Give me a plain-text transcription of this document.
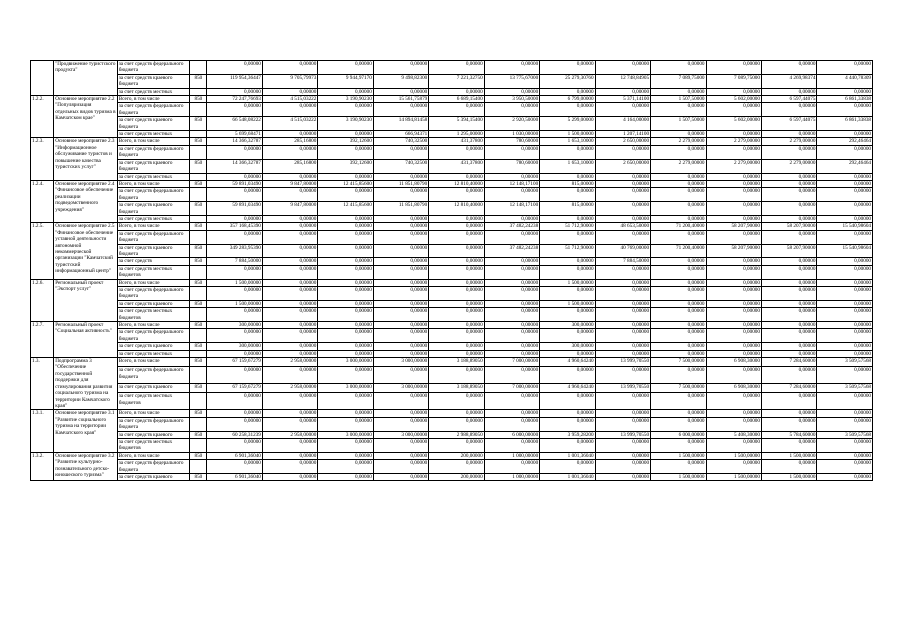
	"Продвижение туристского продукта"	за счет средств федерального бюджета		0,00000	0,00000	0,00000	0,00000	0,00000	0,00000	0,00000	0,00000	0,00000	0,00000	0,00000	0,00000
		за счет средств краевого бюджета	850	119 954,36447	9 705,79973	9 944,97170	9 498,82300	7 221,32750	13 775,67000	25 279,30760	12 748,84905	7 089,75000	7 089,75000	4 269,98374	4 440,78309
		за счет средств местных		0,00000	0,00000	0,00000	0,00000	0,00000	0,00000	0,00000	0,00000	0,00000	0,00000	0,00000	0,00000
1.2.2.	Основное мероприятие 2.2 "Популяризация отдельных видов туризма в Камчатском крае"	Всего, в том числе	850	72 247,76693	4 515,03222	3 190,90230	15 561,75879	6 689,15400	3 950,50000	6 799,00000	5 371,14100	1 507,50000	5 602,00000	6 597,44075	6 861,33838
		за счет средств федерального бюджета		0,00000	0,00000	0,00000	0,00000	0,00000	0,00000	0,00000	0,00000	0,00000	0,00000	0,00000	0,00000
		за счет средств краевого бюджета	850	66 548,08222	4 515,03222	3 190,90230	14 894,81458	5 394,15400	2 920,50000	5 299,00000	4 164,00000	1 507,50000	5 602,00000	6 597,44075	6 861,33838
		за счет средств местных		5 699,68471	0,00000	0,00000	666,94371	1 295,00000	1 030,00000	1 500,00000	1 207,14100	0,00000	0,00000	0,00000	0,00000
1.2.3.	Основное мероприятие 2.3 "Информационное обслуживание туристов и повышение качества туристских услуг"	Всего, в том числе	850	14 366,32787	285,16800	392,12600	740,32500	431,37800	780,60000	1 653,10000	2 650,00000	2 279,00000	2 279,00000	2 279,00000	292,46464
		за счет средств федерального бюджета		0,00000	0,00000	0,00000	0,00000	0,00000	0,00000	0,00000	0,00000	0,00000	0,00000	0,00000	0,00000
		за счет средств краевого бюджета	850	14 366,32787	285,16800	392,12600	740,32500	431,37800	780,60000	1 653,10000	2 650,00000	2 279,00000	2 279,00000	2 279,00000	292,46464
		за счет средств местных		0,00000	0,00000	0,00000	0,00000	0,00000	0,00000	0,00000	0,00000	0,00000	0,00000	0,00000	0,00000
1.2.4.	Основное мероприятие 2.4 "Финансовое обеспечение реализации подведомственного учреждения"	Всего, в том числе	850	59 891,03490	9 847,80000	12 415,85600	11 851,80790	12 810,40000	12 148,17100	815,00000	0,00000	0,00000	0,00000	0,00000	0,00000
		за счет средств федерального бюджета		0,00000	0,00000	0,00000	0,00000	0,00000	0,00000	0,00000	0,00000	0,00000	0,00000	0,00000	0,00000
		за счет средств краевого бюджета	850	59 891,03490	9 847,80000	12 415,85600	11 851,80790	12 810,40000	12 148,17100	815,00000	0,00000	0,00000	0,00000	0,00000	0,00000
		за счет средств местных		0,00000	0,00000	0,00000	0,00000	0,00000	0,00000	0,00000	0,00000	0,00000	0,00000	0,00000	0,00000
1.2.5.	Основное мероприятие 2.5 "Финансовое обеспечение уставной деятельности автономной некоммерческой организации "Камчатский туристский информационный центр"	Всего, в том числе	850	357 168,45390	0,00000	0,00000	0,00000	0,00000	37 482,24238	51 712,90000	48 653,50000	71 200,40000	58 207,90000	58 207,90000	15 540,98604
		за счет средств федерального бюджета		0,00000	0,00000	0,00000	0,00000	0,00000	0,00000	0,00000	0,00000	0,00000	0,00000	0,00000	0,00000
		за счет средств краевого бюджета	850	349 283,95390	0,00000	0,00000	0,00000	0,00000	37 482,24238	51 712,90000	40 769,00000	71 200,40000	58 207,90000	58 207,90000	15 540,98604
		за счет средств	850	7 884,50000	0,00000	0,00000	0,00000	0,00000	0,00000	0,00000	7 884,50000	0,00000	0,00000	0,00000	0,00000
		за счет средств местных бюджетов		0,00000	0,00000	0,00000	0,00000	0,00000	0,00000	0,00000	0,00000	0,00000	0,00000	0,00000	0,00000
1.2.6.	Региональный проект "Экспорт услуг"	Всего, в том числе	850	1 500,00000	0,00000	0,00000	0,00000	0,00000	0,00000	1 500,00000	0,00000	0,00000	0,00000	0,00000	0,00000
		за счет средств федерального бюджета		0,00000	0,00000	0,00000	0,00000	0,00000	0,00000	0,00000	0,00000	0,00000	0,00000	0,00000	0,00000
		за счет средств краевого	850	1 500,00000	0,00000	0,00000	0,00000	0,00000	0,00000	1 500,00000	0,00000	0,00000	0,00000	0,00000	0,00000
		за счет средств местных бюджетов		0,00000	0,00000	0,00000	0,00000	0,00000	0,00000	0,00000	0,00000	0,00000	0,00000	0,00000	0,00000
1.2.7.	Региональный проект "Социальная активность"	Всего, в том числе	850	300,00000	0,00000	0,00000	0,00000	0,00000	0,00000	300,00000	0,00000	0,00000	0,00000	0,00000	0,00000
		за счет средств федерального бюджета		0,00000	0,00000	0,00000	0,00000	0,00000	0,00000	0,00000	0,00000	0,00000	0,00000	0,00000	0,00000
		за счет средств краевого	850	300,00000	0,00000	0,00000	0,00000	0,00000	0,00000	300,00000	0,00000	0,00000	0,00000	0,00000	0,00000
		за счет средств местных		0,00000	0,00000	0,00000	0,00000	0,00000	0,00000	0,00000	0,00000	0,00000	0,00000	0,00000	0,00000
1.3.	Подпрограмма 3 "Обеспечение государственной поддержки для стимулирования развития социального туризма на территории Камчатского края"	Всего, в том числе	850	67 159,67279	2 958,00000	3 000,00000	3 000,00000	3 188,89050	7 000,00000	4 960,64240	13 999,70550	7 500,00000	6 908,30000	7 284,60000	3 509,57568
		за счет средств федерального бюджета		0,00000	0,00000	0,00000	0,00000	0,00000	0,00000	0,00000	0,00000	0,00000	0,00000	0,00000	0,00000
		за счет средств краевого	850	67 159,67279	2 958,00000	3 000,00000	3 000,00000	3 188,89050	7 000,00000	4 960,64240	13 999,70550	7 500,00000	6 908,30000	7 284,60000	3 509,57568
		за счет средств местных бюджетов		0,00000	0,00000	0,00000	0,00000	0,00000	0,00000	0,00000	0,00000	0,00000	0,00000	0,00000	0,00000
1.3.1.	Основное мероприятие 3.1 "Развитие социального туризма на территории Камчатского края"	Всего, в том числе	850	0,00000	0,00000	0,00000	0,00000	0,00000	0,00000	0,00000	0,00000	0,00000	0,00000	0,00000	0,00000
		за счет средств федерального бюджета		0,00000	0,00000	0,00000	0,00000	0,00000	0,00000	0,00000	0,00000	0,00000	0,00000	0,00000	0,00000
		за счет средств краевого	850	60 258,31239	2 958,00000	3 000,00000	3 000,00000	2 988,89050	6 000,00000	3 959,28200	13 999,70550	6 000,00000	5 408,30000	5 784,60000	3 509,57568
		за счет средств местных бюджетов		0,00000	0,00000	0,00000	0,00000	0,00000	0,00000	0,00000	0,00000	0,00000	0,00000	0,00000	0,00000
1.3.2.	Основное мероприятие 3.2 "Развитие культурно-познавательного детско-юношеского туризма"	Всего, в том числе	850	6 901,36040	0,00000	0,00000	0,00000	200,00000	1 000,00000	1 001,36040	0,00000	1 500,00000	1 500,00000	1 500,00000	0,00000
		за счет средств федерального бюджета		0,00000	0,00000	0,00000	0,00000	0,00000	0,00000	0,00000	0,00000	0,00000	0,00000	0,00000	0,00000
		за счет средств краевого	850	6 901,36040	0,00000	0,00000	0,00000	200,00000	1 000,00000	1 001,36040	0,00000	1 500,00000	1 500,00000	1 500,00000	0,00000
